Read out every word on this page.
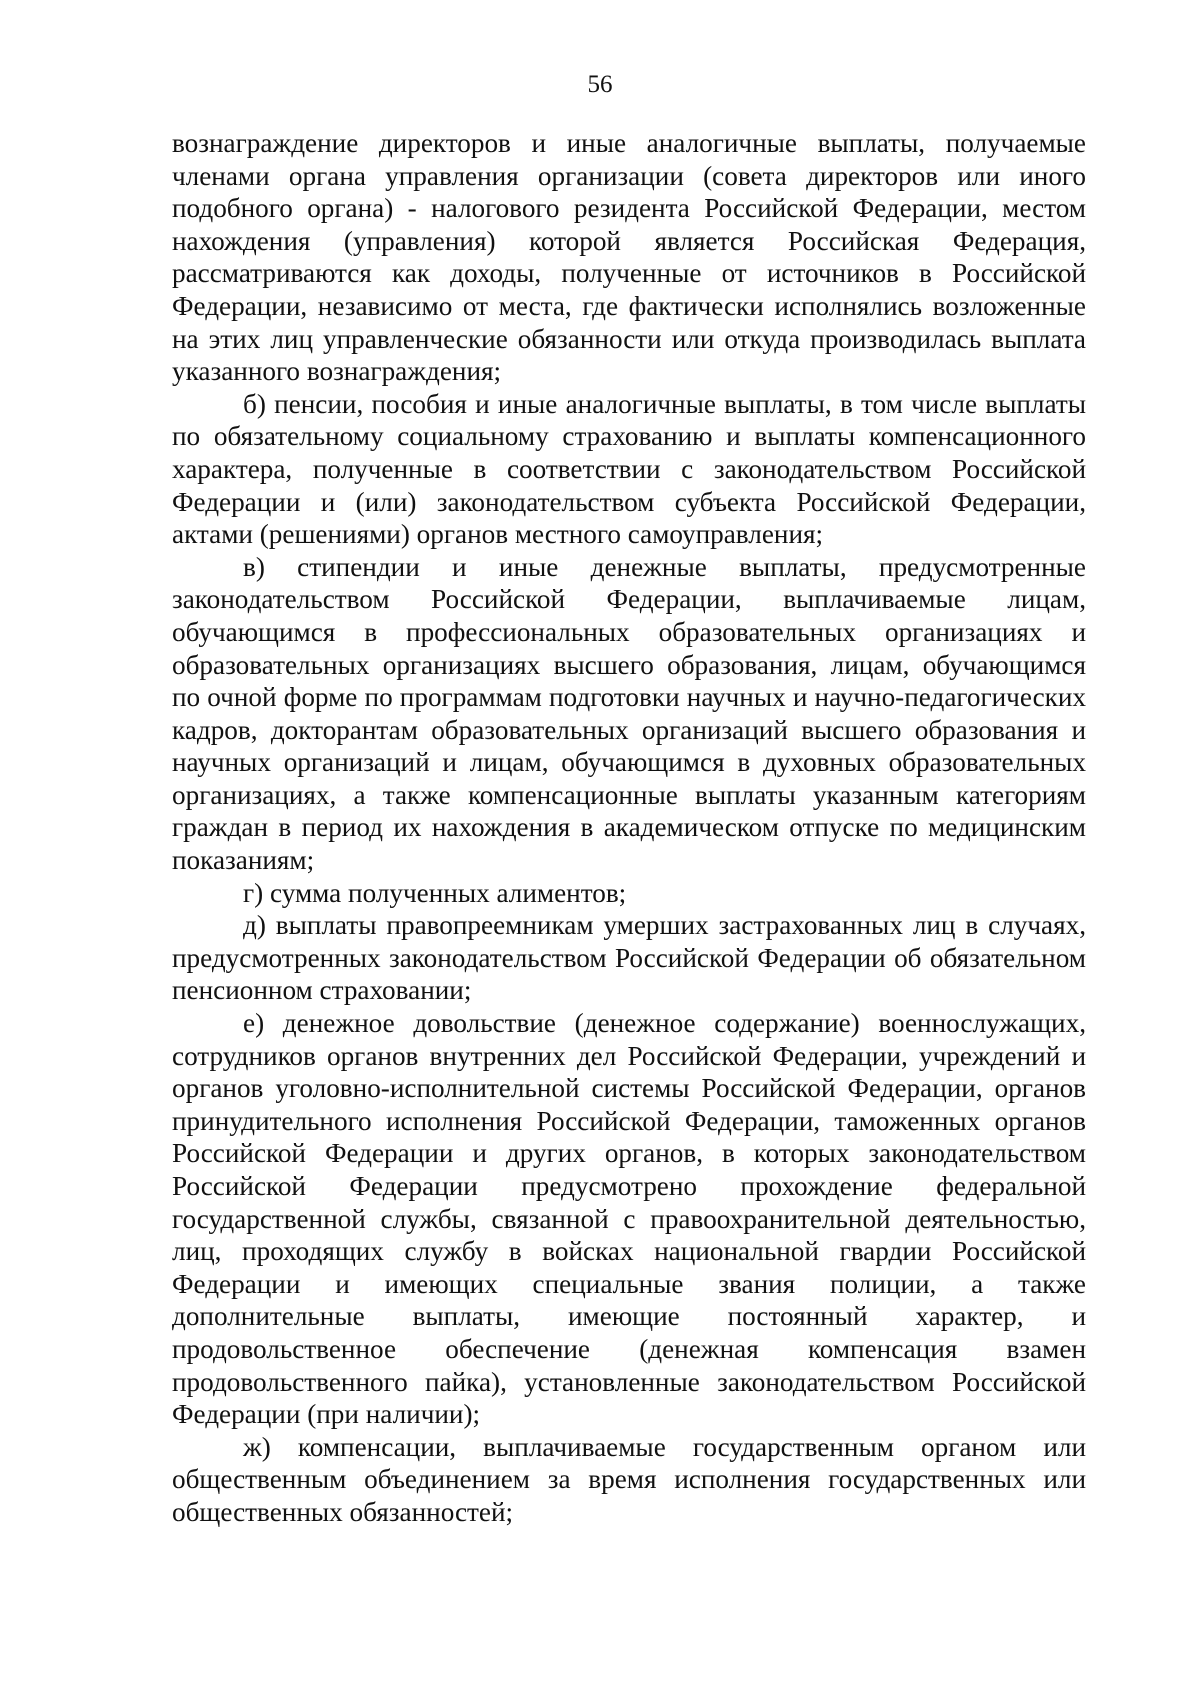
56

вознаграждение директоров и иные аналогичные выплаты, получаемые членами органа управления организации (совета директоров или иного подобного органа) - налогового резидента Российской Федерации, местом нахождения (управления) которой является Российская Федерация, рассматриваются как доходы, полученные от источников в Российской Федерации, независимо от места, где фактически исполнялись возложенные на этих лиц управленческие обязанности или откуда производилась выплата указанного вознаграждения;

б) пенсии, пособия и иные аналогичные выплаты, в том числе выплаты по обязательному социальному страхованию и выплаты компенсационного характера, полученные в соответствии с законодательством Российской Федерации и (или) законодательством субъекта Российской Федерации, актами (решениями) органов местного самоуправления;

в) стипендии и иные денежные выплаты, предусмотренные законодательством Российской Федерации, выплачиваемые лицам, обучающимся в профессиональных образовательных организациях и образовательных организациях высшего образования, лицам, обучающимся по очной форме по программам подготовки научных и научно-педагогических кадров, докторантам образовательных организаций высшего образования и научных организаций и лицам, обучающимся в духовных образовательных организациях, а также компенсационные выплаты указанным категориям граждан в период их нахождения в академическом отпуске по медицинским показаниям;

г) сумма полученных алиментов;

д) выплаты правопреемникам умерших застрахованных лиц в случаях, предусмотренных законодательством Российской Федерации об обязательном пенсионном страховании;

е) денежное довольствие (денежное содержание) военнослужащих, сотрудников органов внутренних дел Российской Федерации, учреждений и органов уголовно-исполнительной системы Российской Федерации, органов принудительного исполнения Российской Федерации, таможенных органов Российской Федерации и других органов, в которых законодательством Российской Федерации предусмотрено прохождение федеральной государственной службы, связанной с правоохранительной деятельностью, лиц, проходящих службу в войсках национальной гвардии Российской Федерации и имеющих специальные звания полиции, а также дополнительные выплаты, имеющие постоянный характер, и продовольственное обеспечение (денежная компенсация взамен продовольственного пайка), установленные законодательством Российской Федерации (при наличии);

ж) компенсации, выплачиваемые государственным органом или общественным объединением за время исполнения государственных или общественных обязанностей;
